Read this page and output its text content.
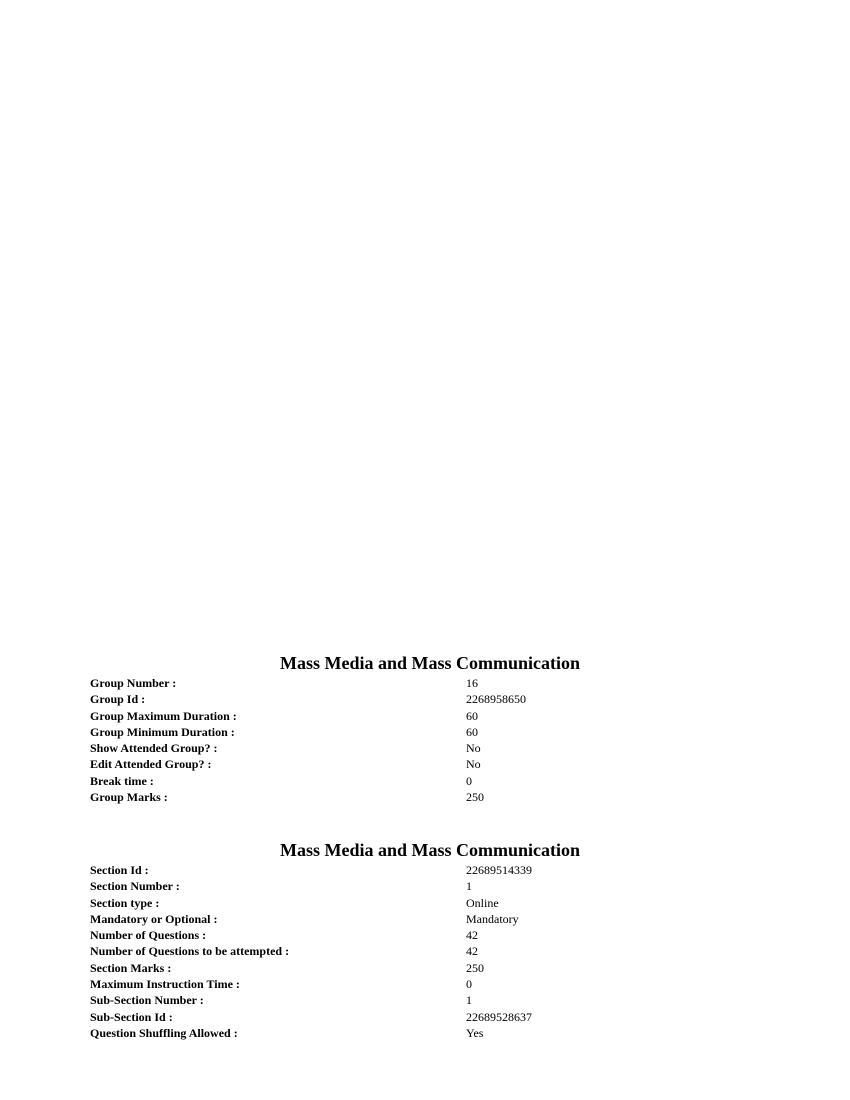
Mass Media and Mass Communication
Group Number :	16
Group Id :	2268958650
Group Maximum Duration :	60
Group Minimum Duration :	60
Show Attended Group? :	No
Edit Attended Group? :	No
Break time :	0
Group Marks :	250
Mass Media and Mass Communication
Section Id :	22689514339
Section Number :	1
Section type :	Online
Mandatory or Optional :	Mandatory
Number of Questions :	42
Number of Questions to be attempted :	42
Section Marks :	250
Maximum Instruction Time :	0
Sub-Section Number :	1
Sub-Section Id :	22689528637
Question Shuffling Allowed :	Yes
